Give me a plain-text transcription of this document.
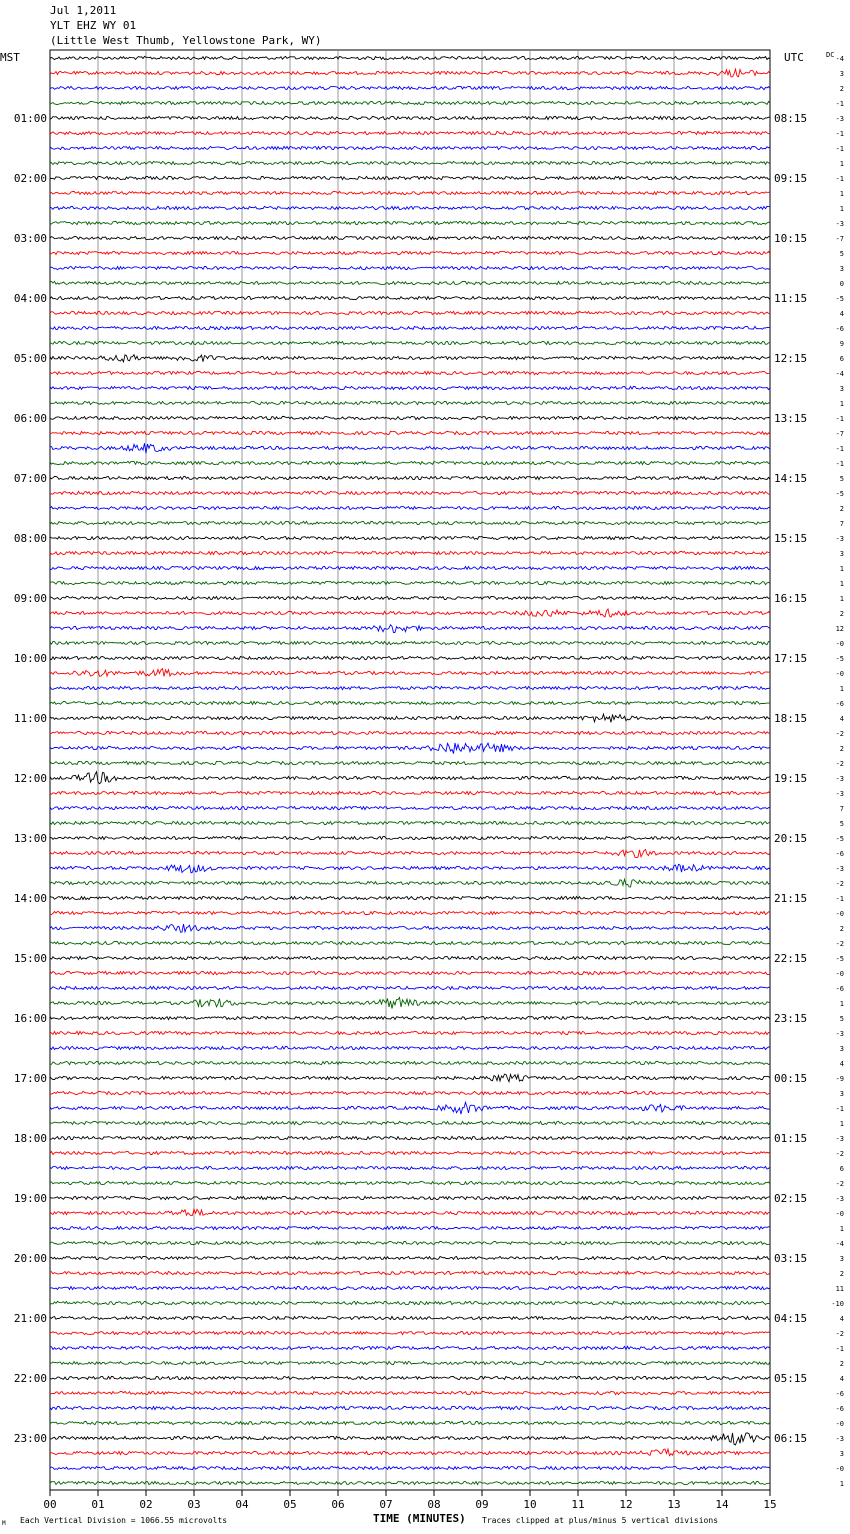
Jul 1,2011
YLT EHZ WY 01
(Little West Thumb, Yellowstone Park, WY)
MST	UTC	DC
01:00	08:15
02:00	09:15
03:00	10:15
04:00	11:15
05:00	12:15
06:00	13:15
07:00	14:15
08:00	15:15
09:00	16:15
10:00	17:15
11:00	18:15
12:00	19:15
13:00	20:15
14:00	21:15
15:00	22:15
16:00	23:15
17:00	00:15
18:00	01:15
19:00	02:15
20:00	03:15
21:00	04:15
22:00	05:15
23:00	06:15
-4
3
2
-1
-3
-1
-1
1
-1
1
1
-3
-7
5
3
0
-5
4
-6
9
6
-4
3
1
-1
-7
-1
-1
5
-5
2
7
-3
3
1
1
1
2
12
-0
-5
-0
1
-6
4
-2
2
-2
-3
-3
7
5
-5
-6
-3
-2
-1
-0
2
-2
-5
-0
-6
1
5
-3
3
4
-9
3
-1
1
-3
-2
6
-2
-3
-0
1
-4
3
2
11
-10
4
-2
-1
2
4
-6
-6
-0
-3
3
-0
1
00	01	02	03	04	05	06	07	08	09	10	11	12	13	14	15
TIME (MINUTES)
Each Vertical Division = 1066.55 microvolts	Traces clipped at plus/minus 5 vertical divisions
M
